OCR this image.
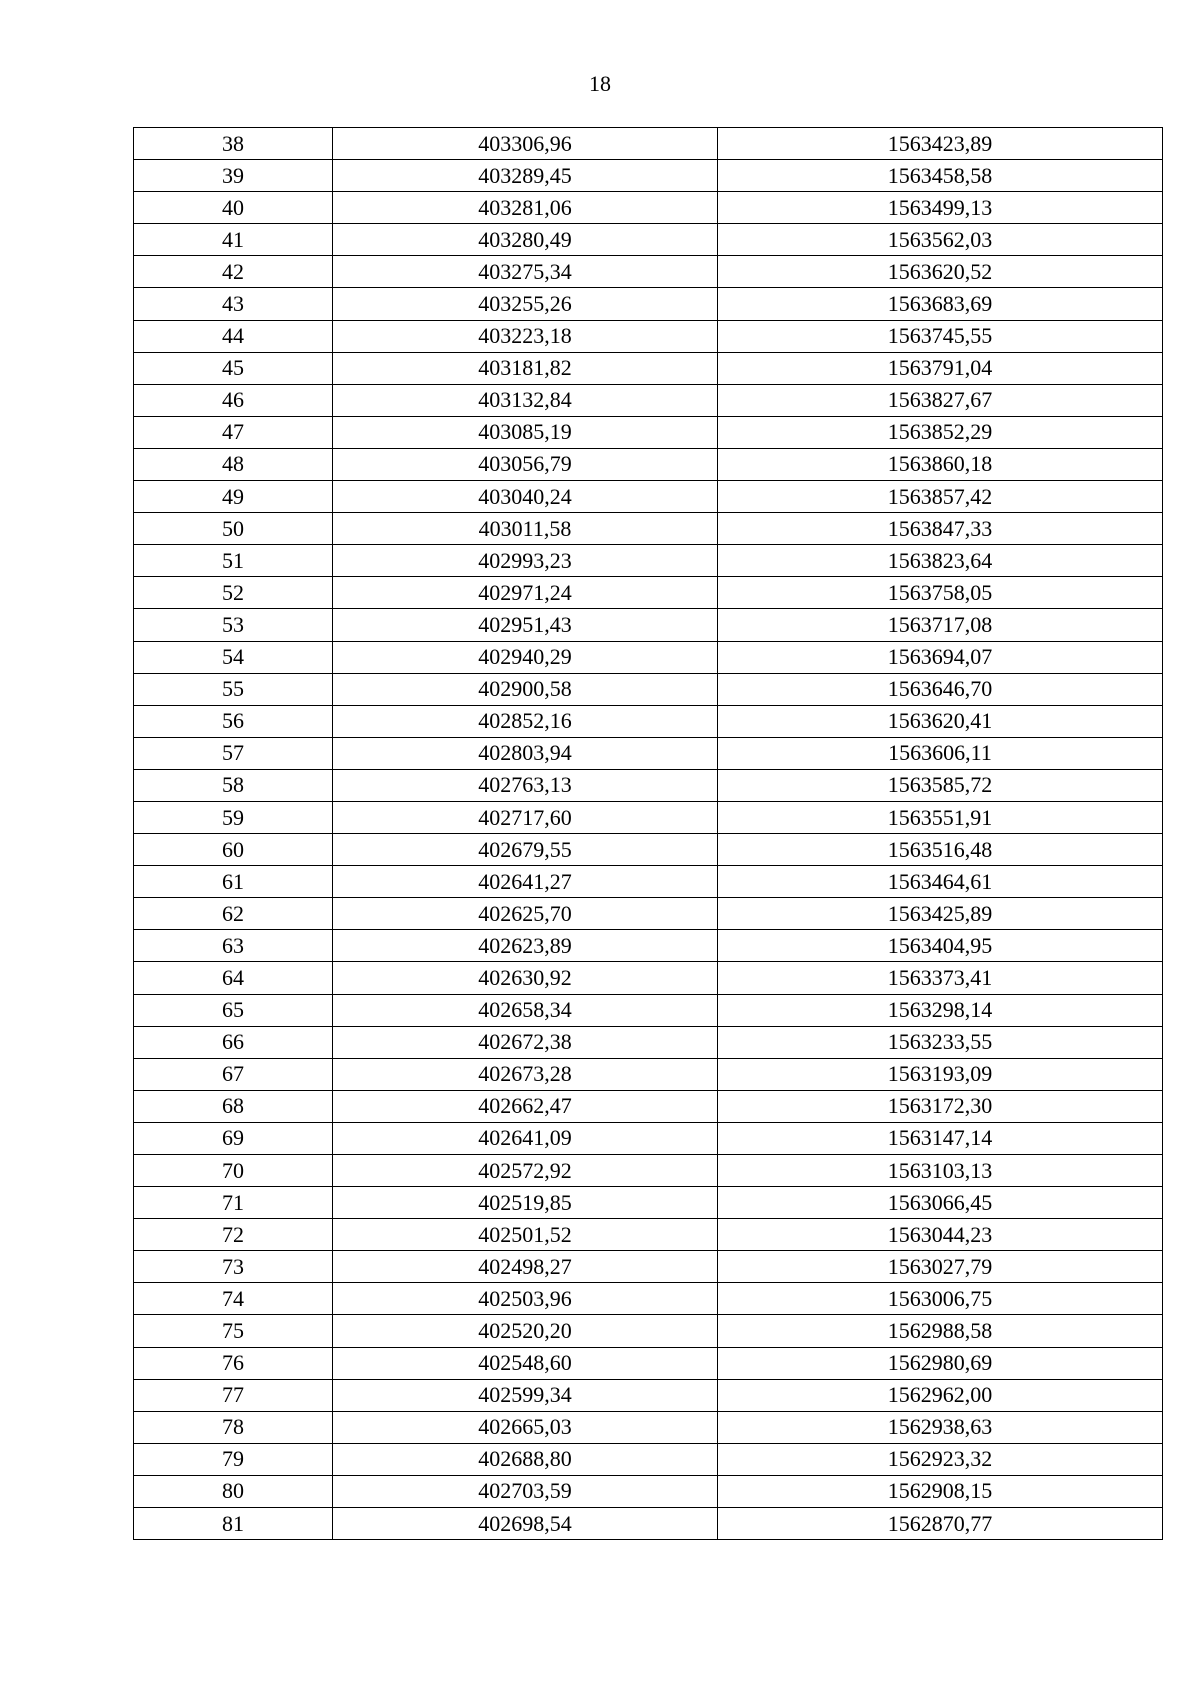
18
38	403306,96	1563423,89
39	403289,45	1563458,58
40	403281,06	1563499,13
41	403280,49	1563562,03
42	403275,34	1563620,52
43	403255,26	1563683,69
44	403223,18	1563745,55
45	403181,82	1563791,04
46	403132,84	1563827,67
47	403085,19	1563852,29
48	403056,79	1563860,18
49	403040,24	1563857,42
50	403011,58	1563847,33
51	402993,23	1563823,64
52	402971,24	1563758,05
53	402951,43	1563717,08
54	402940,29	1563694,07
55	402900,58	1563646,70
56	402852,16	1563620,41
57	402803,94	1563606,11
58	402763,13	1563585,72
59	402717,60	1563551,91
60	402679,55	1563516,48
61	402641,27	1563464,61
62	402625,70	1563425,89
63	402623,89	1563404,95
64	402630,92	1563373,41
65	402658,34	1563298,14
66	402672,38	1563233,55
67	402673,28	1563193,09
68	402662,47	1563172,30
69	402641,09	1563147,14
70	402572,92	1563103,13
71	402519,85	1563066,45
72	402501,52	1563044,23
73	402498,27	1563027,79
74	402503,96	1563006,75
75	402520,20	1562988,58
76	402548,60	1562980,69
77	402599,34	1562962,00
78	402665,03	1562938,63
79	402688,80	1562923,32
80	402703,59	1562908,15
81	402698,54	1562870,77
